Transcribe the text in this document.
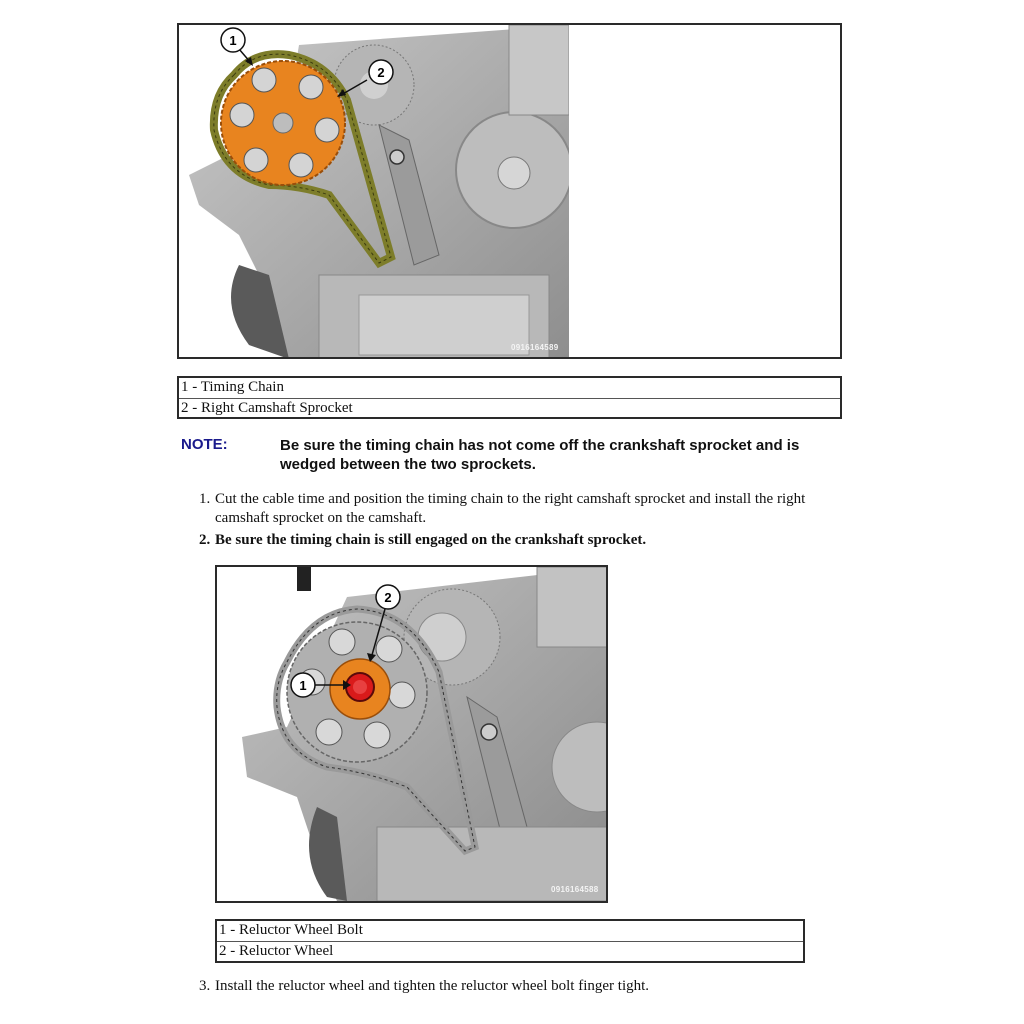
1
2
0916164589
1 - Timing Chain
2 - Right Camshaft Sprocket
NOTE:	Be sure the timing chain has not come off the crankshaft sprocket and is wedged between the two sprockets.
1. Cut the cable time and position the timing chain to the right camshaft sprocket and install the right camshaft sprocket on the camshaft.
2. Be sure the timing chain is still engaged on the crankshaft sprocket.
1
2
0916164588
1 - Reluctor Wheel Bolt
2 - Reluctor Wheel
3. Install the reluctor wheel and tighten the reluctor wheel bolt finger tight.
